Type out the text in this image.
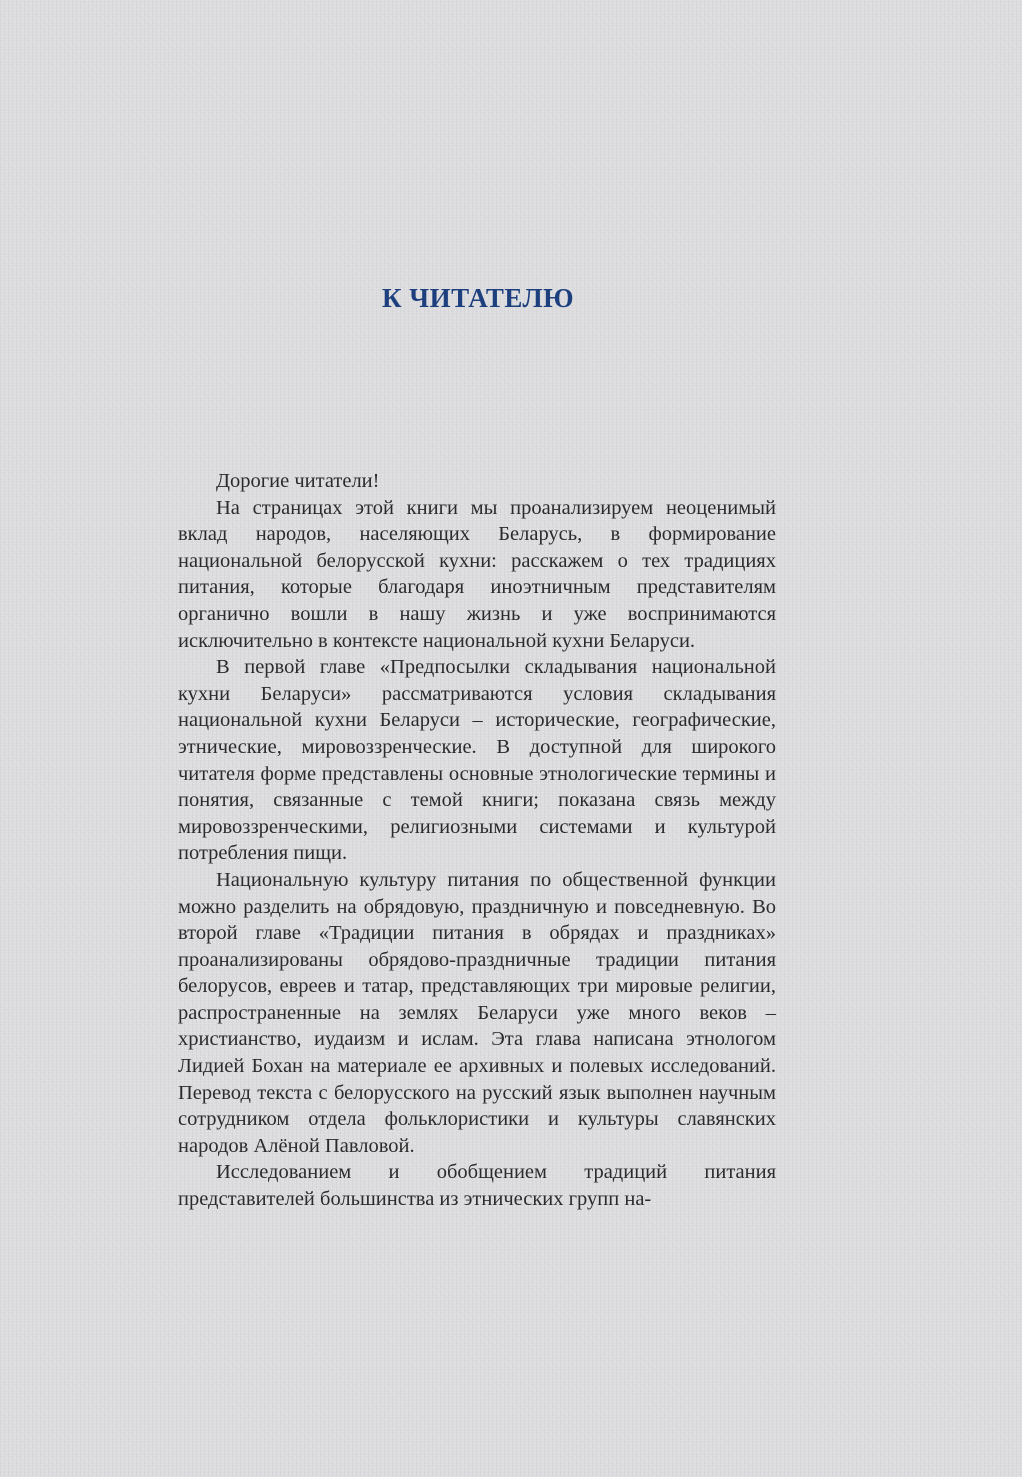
К ЧИТАТЕЛЮ

Дорогие читатели!

На страницах этой книги мы проанализируем неоценимый вклад народов, населяющих Беларусь, в формирование национальной белорусской кухни: расскажем о тех традициях питания, которые благодаря иноэтничным представителям органично вошли в нашу жизнь и уже воспринимаются исключительно в контексте национальной кухни Беларуси.

В первой главе «Предпосылки складывания национальной кухни Беларуси» рассматриваются условия складывания национальной кухни Беларуси – исторические, географические, этнические, мировоззренческие. В доступной для широкого читателя форме представлены основные этнологические термины и понятия, связанные с темой книги; показана связь между мировоззренческими, религиозными системами и культурой потребления пищи.

Национальную культуру питания по общественной функции можно разделить на обрядовую, праздничную и повседневную. Во второй главе «Традиции питания в обрядах и праздниках» проанализированы обрядово-праздничные традиции питания белорусов, евреев и татар, представляющих три мировые религии, распространенные на землях Беларуси уже много веков – христианство, иудаизм и ислам. Эта глава написана этнологом Лидией Бохан на материале ее архивных и полевых исследований. Перевод текста с белорусского на русский язык выполнен научным сотрудником отдела фольклористики и культуры славянских народов Алёной Павловой.

Исследованием и обобщением традиций питания представителей большинства из этнических групп на-
